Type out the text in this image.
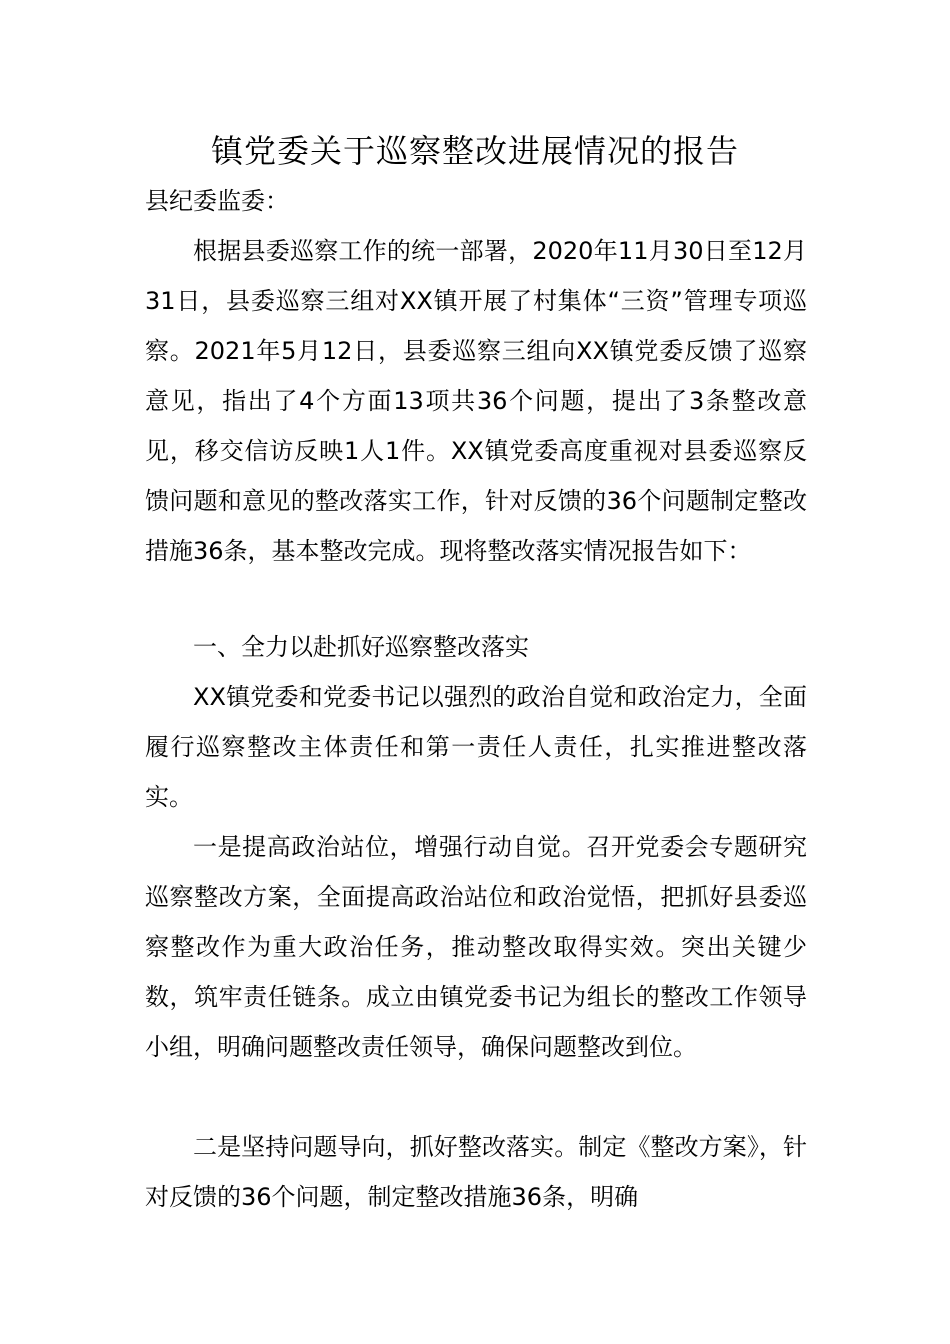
镇党委关于巡察整改进展情况的报告
县纪委监委：

根据县委巡察工作的统一部署，2020年11月30日至12月31日，县委巡察三组对XX镇开展了村集体“三资”管理专项巡察。2021年5月12日，县委巡察三组向XX镇党委反馈了巡察意见，指出了4个方面13项共36个问题，提出了3条整改意见，移交信访反映1人1件。XX镇党委高度重视对县委巡察反馈问题和意见的整改落实工作，针对反馈的36个问题制定整改措施36条，基本整改完成。现将整改落实情况报告如下：

一、全力以赴抓好巡察整改落实

XX镇党委和党委书记以强烈的政治自觉和政治定力，全面履行巡察整改主体责任和第一责任人责任，扎实推进整改落实。

一是提高政治站位，增强行动自觉。召开党委会专题研究巡察整改方案，全面提高政治站位和政治觉悟，把抓好县委巡察整改作为重大政治任务，推动整改取得实效。突出关键少数，筑牢责任链条。成立由镇党委书记为组长的整改工作领导小组，明确问题整改责任领导，确保问题整改到位。

二是坚持问题导向，抓好整改落实。制定《整改方案》，针对反馈的36个问题，制定整改措施36条，明确
